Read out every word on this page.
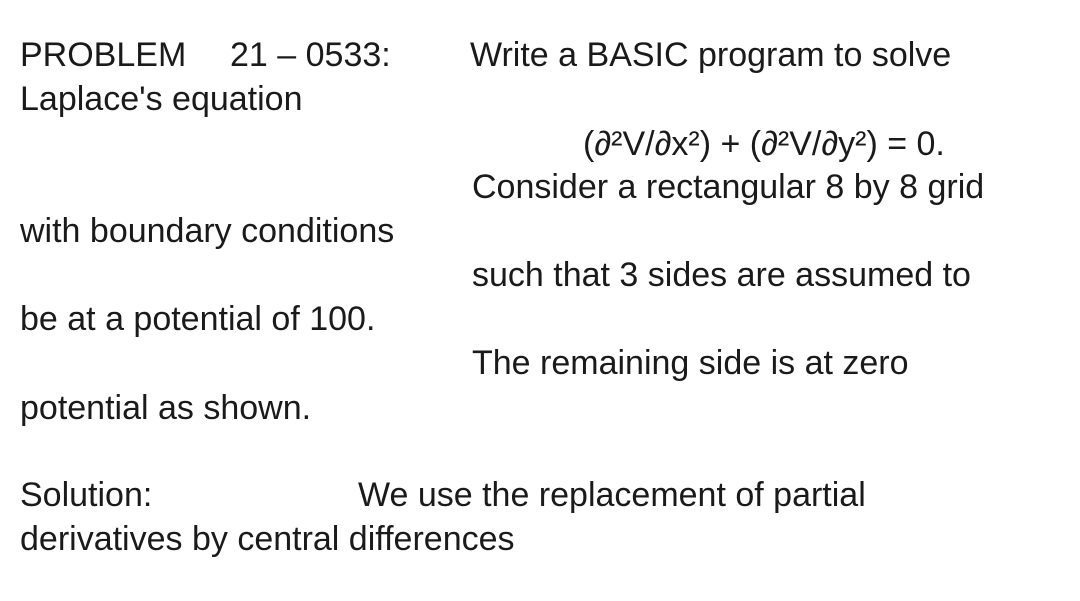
PROBLEM 21 – 0533: Write a BASIC program to solve
Laplace's equation
(∂²V/∂x²) + (∂²V/∂y²) = 0.
Consider a rectangular 8 by 8 grid
with boundary conditions
such that 3 sides are assumed to
be at a potential of 100.
The remaining side is at zero
potential as shown.
Solution:	We use the replacement of partial
derivatives by central differences
